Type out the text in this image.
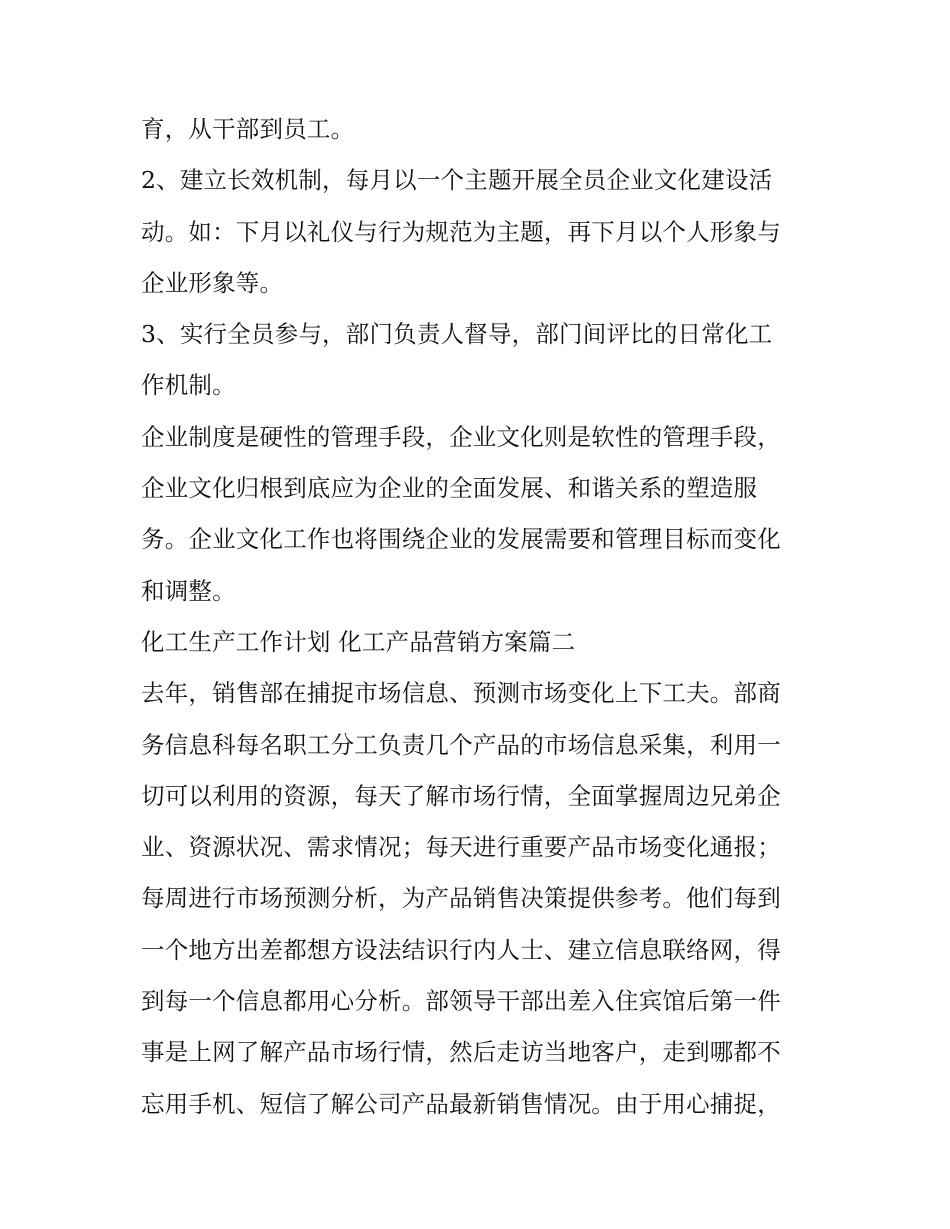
育，从干部到员工。
2、建立长效机制，每月以一个主题开展全员企业文化建设活
动。如：下月以礼仪与行为规范为主题，再下月以个人形象与
企业形象等。
3、实行全员参与，部门负责人督导，部门间评比的日常化工
作机制。
企业制度是硬性的管理手段，企业文化则是软性的管理手段，
企业文化归根到底应为企业的全面发展、和谐关系的塑造服
务。企业文化工作也将围绕企业的发展需要和管理目标而变化
和调整。
化工生产工作计划 化工产品营销方案篇二
去年，销售部在捕捉市场信息、预测市场变化上下工夫。部商
务信息科每名职工分工负责几个产品的市场信息采集，利用一
切可以利用的资源，每天了解市场行情，全面掌握周边兄弟企
业、资源状况、需求情况；每天进行重要产品市场变化通报；
每周进行市场预测分析，为产品销售决策提供参考。他们每到
一个地方出差都想方设法结识行内人士、建立信息联络网，得
到每一个信息都用心分析。部领导干部出差入住宾馆后第一件
事是上网了解产品市场行情，然后走访当地客户，走到哪都不
忘用手机、短信了解公司产品最新销售情况。由于用心捕捉，
